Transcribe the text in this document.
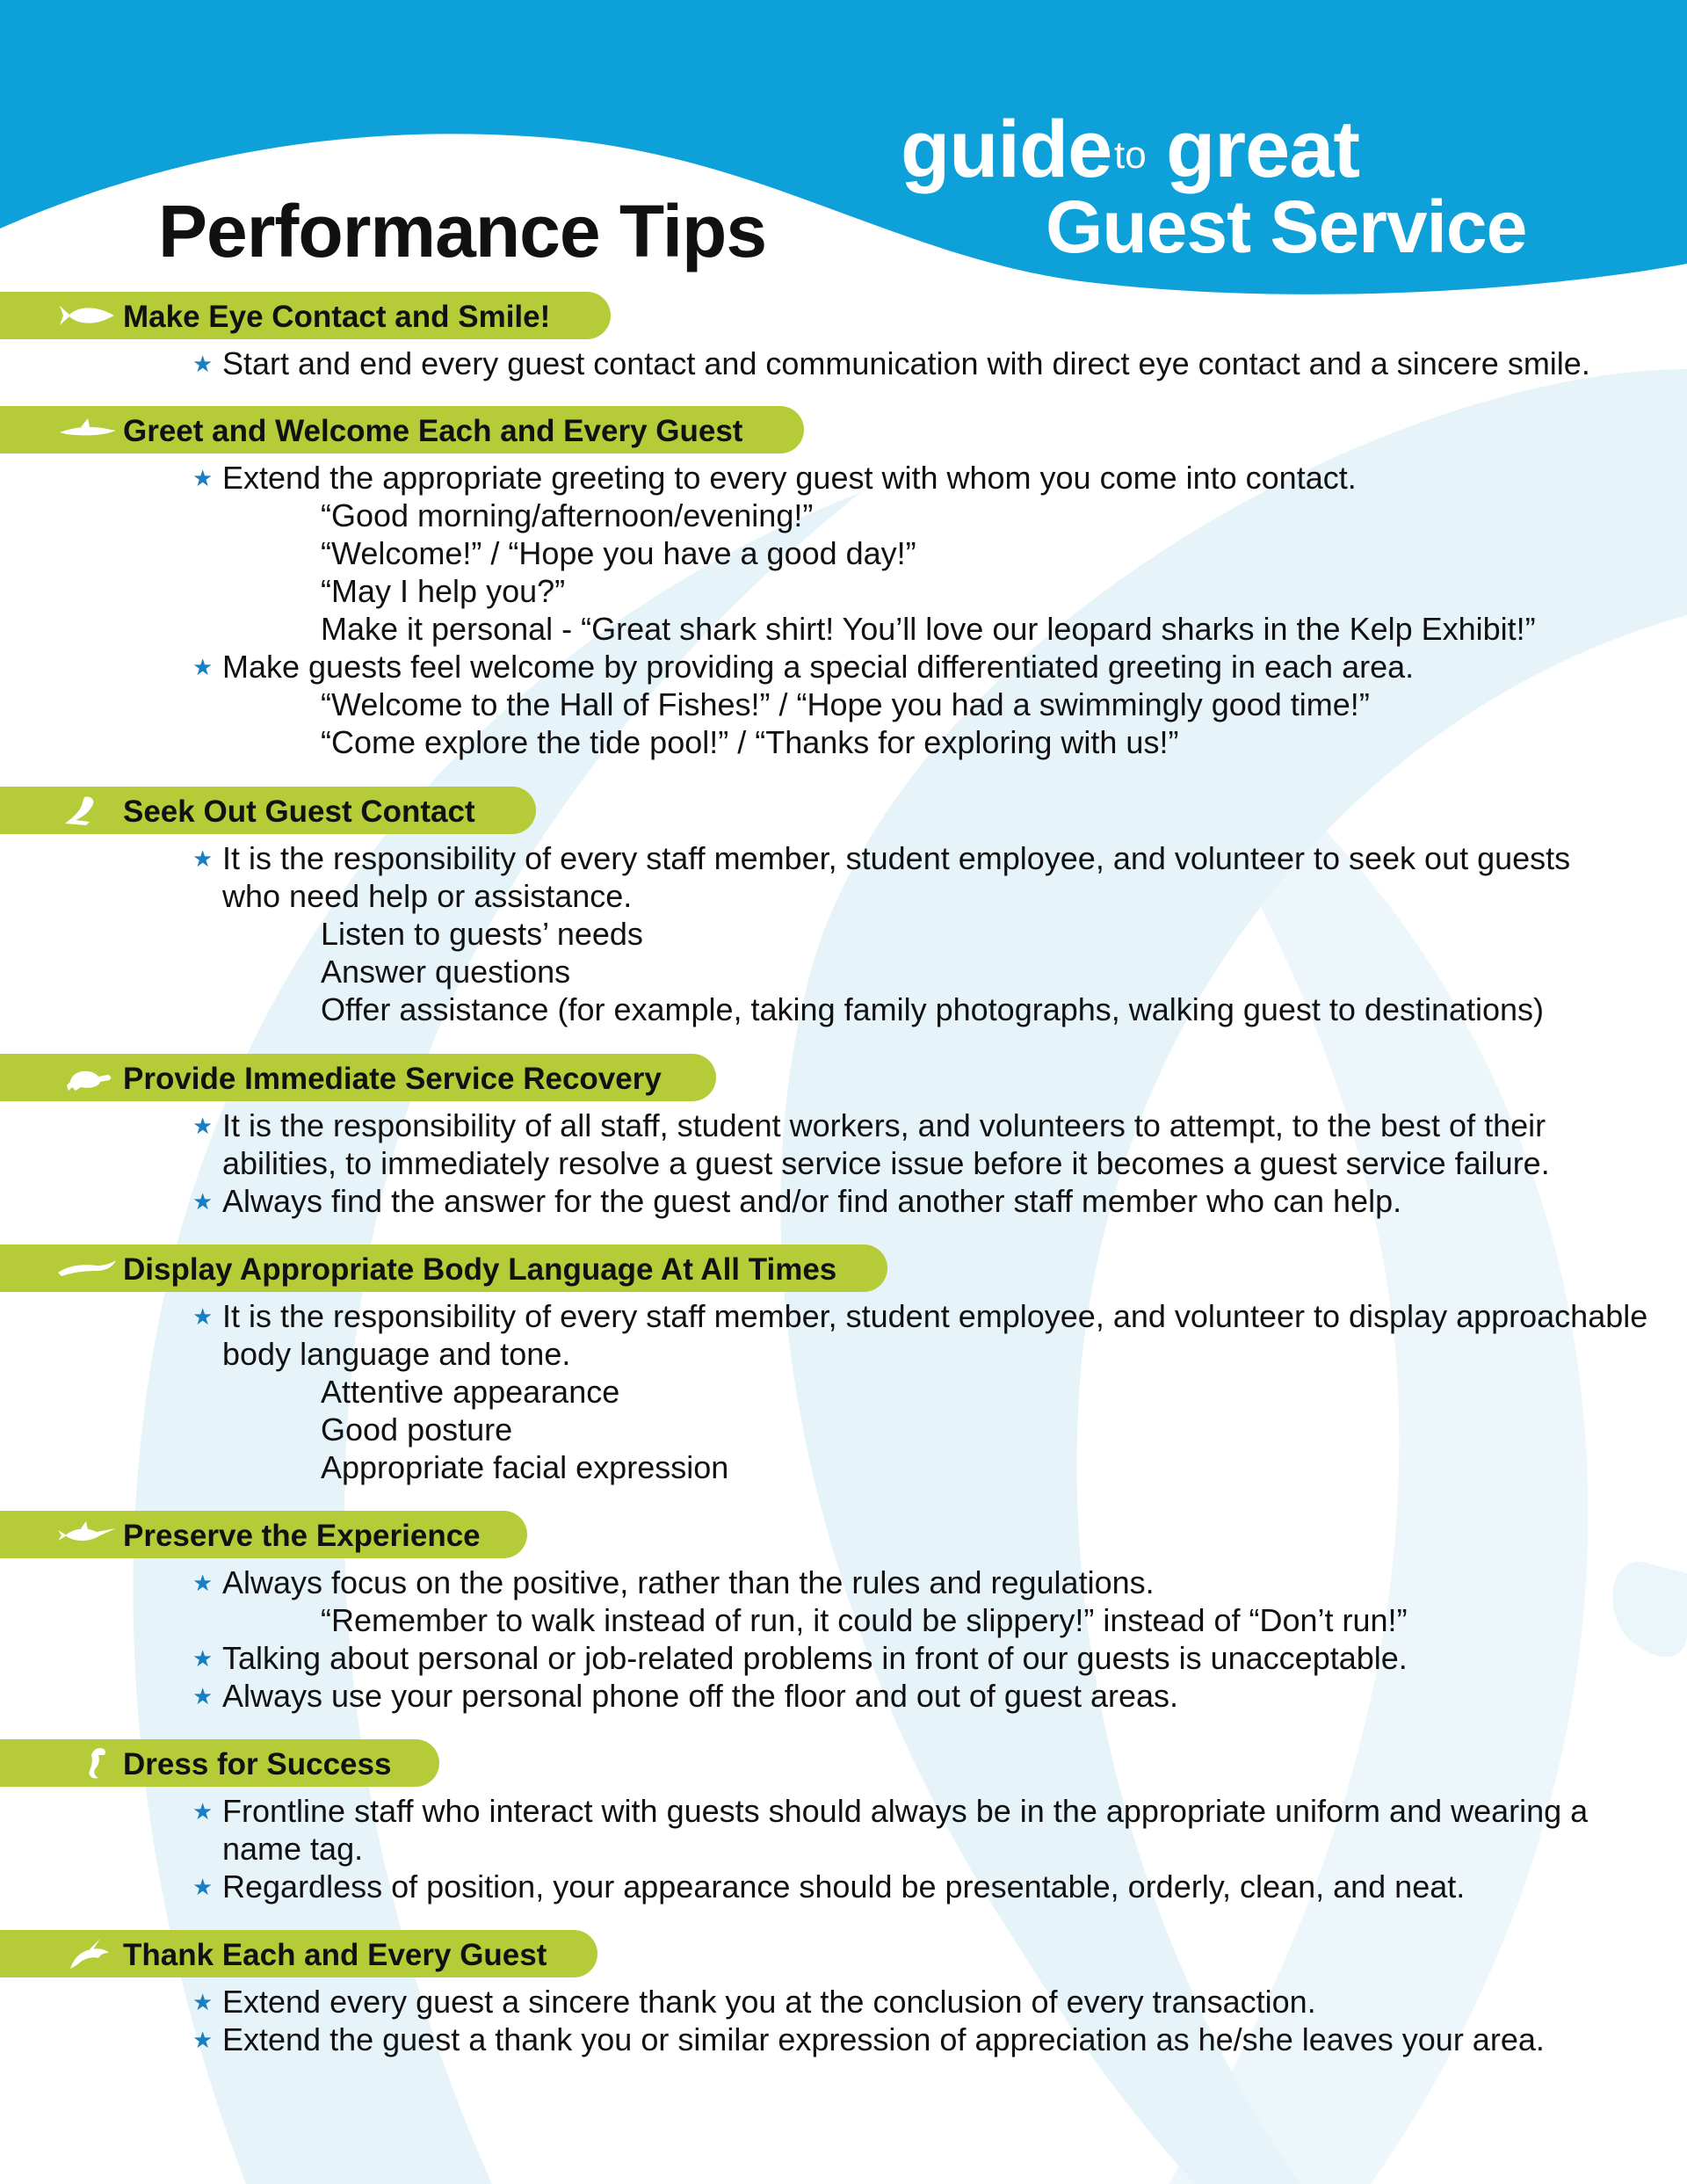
Performance Tips
guide to great
Guest Service
Make Eye Contact and Smile!
★ Start and end every guest contact and communication with direct eye contact and a sincere smile.
Greet and Welcome Each and Every Guest
★ Extend the appropriate greeting to every guest with whom you come into contact.
“Good morning/afternoon/evening!”
“Welcome!” / “Hope you have a good day!”
“May I help you?”
Make it personal - “Great shark shirt! You’ll love our leopard sharks in the Kelp Exhibit!”
★ Make guests feel welcome by providing a special differentiated greeting in each area.
“Welcome to the Hall of Fishes!” / “Hope you had a swimmingly good time!”
“Come explore the tide pool!” / “Thanks for exploring with us!”
Seek Out Guest Contact
★ It is the responsibility of every staff member, student employee, and volunteer to seek out guests
who need help or assistance.
Listen to guests’ needs
Answer questions
Offer assistance (for example, taking family photographs, walking guest to destinations)
Provide Immediate Service Recovery
★ It is the responsibility of all staff, student workers, and volunteers to attempt, to the best of their
abilities, to immediately resolve a guest service issue before it becomes a guest service failure.
★ Always find the answer for the guest and/or find another staff member who can help.
Display Appropriate Body Language At All Times
★ It is the responsibility of every staff member, student employee, and volunteer to display approachable
body language and tone.
Attentive appearance
Good posture
Appropriate facial expression
Preserve the Experience
★ Always focus on the positive, rather than the rules and regulations.
“Remember to walk instead of run, it could be slippery!” instead of “Don’t run!”
★ Talking about personal or job-related problems in front of our guests is unacceptable.
★ Always use your personal phone off the floor and out of guest areas.
Dress for Success
★ Frontline staff who interact with guests should always be in the appropriate uniform and wearing a
name tag.
★ Regardless of position, your appearance should be presentable, orderly, clean, and neat.
Thank Each and Every Guest
★ Extend every guest a sincere thank you at the conclusion of every transaction.
★ Extend the guest a thank you or similar expression of appreciation as he/she leaves your area.
